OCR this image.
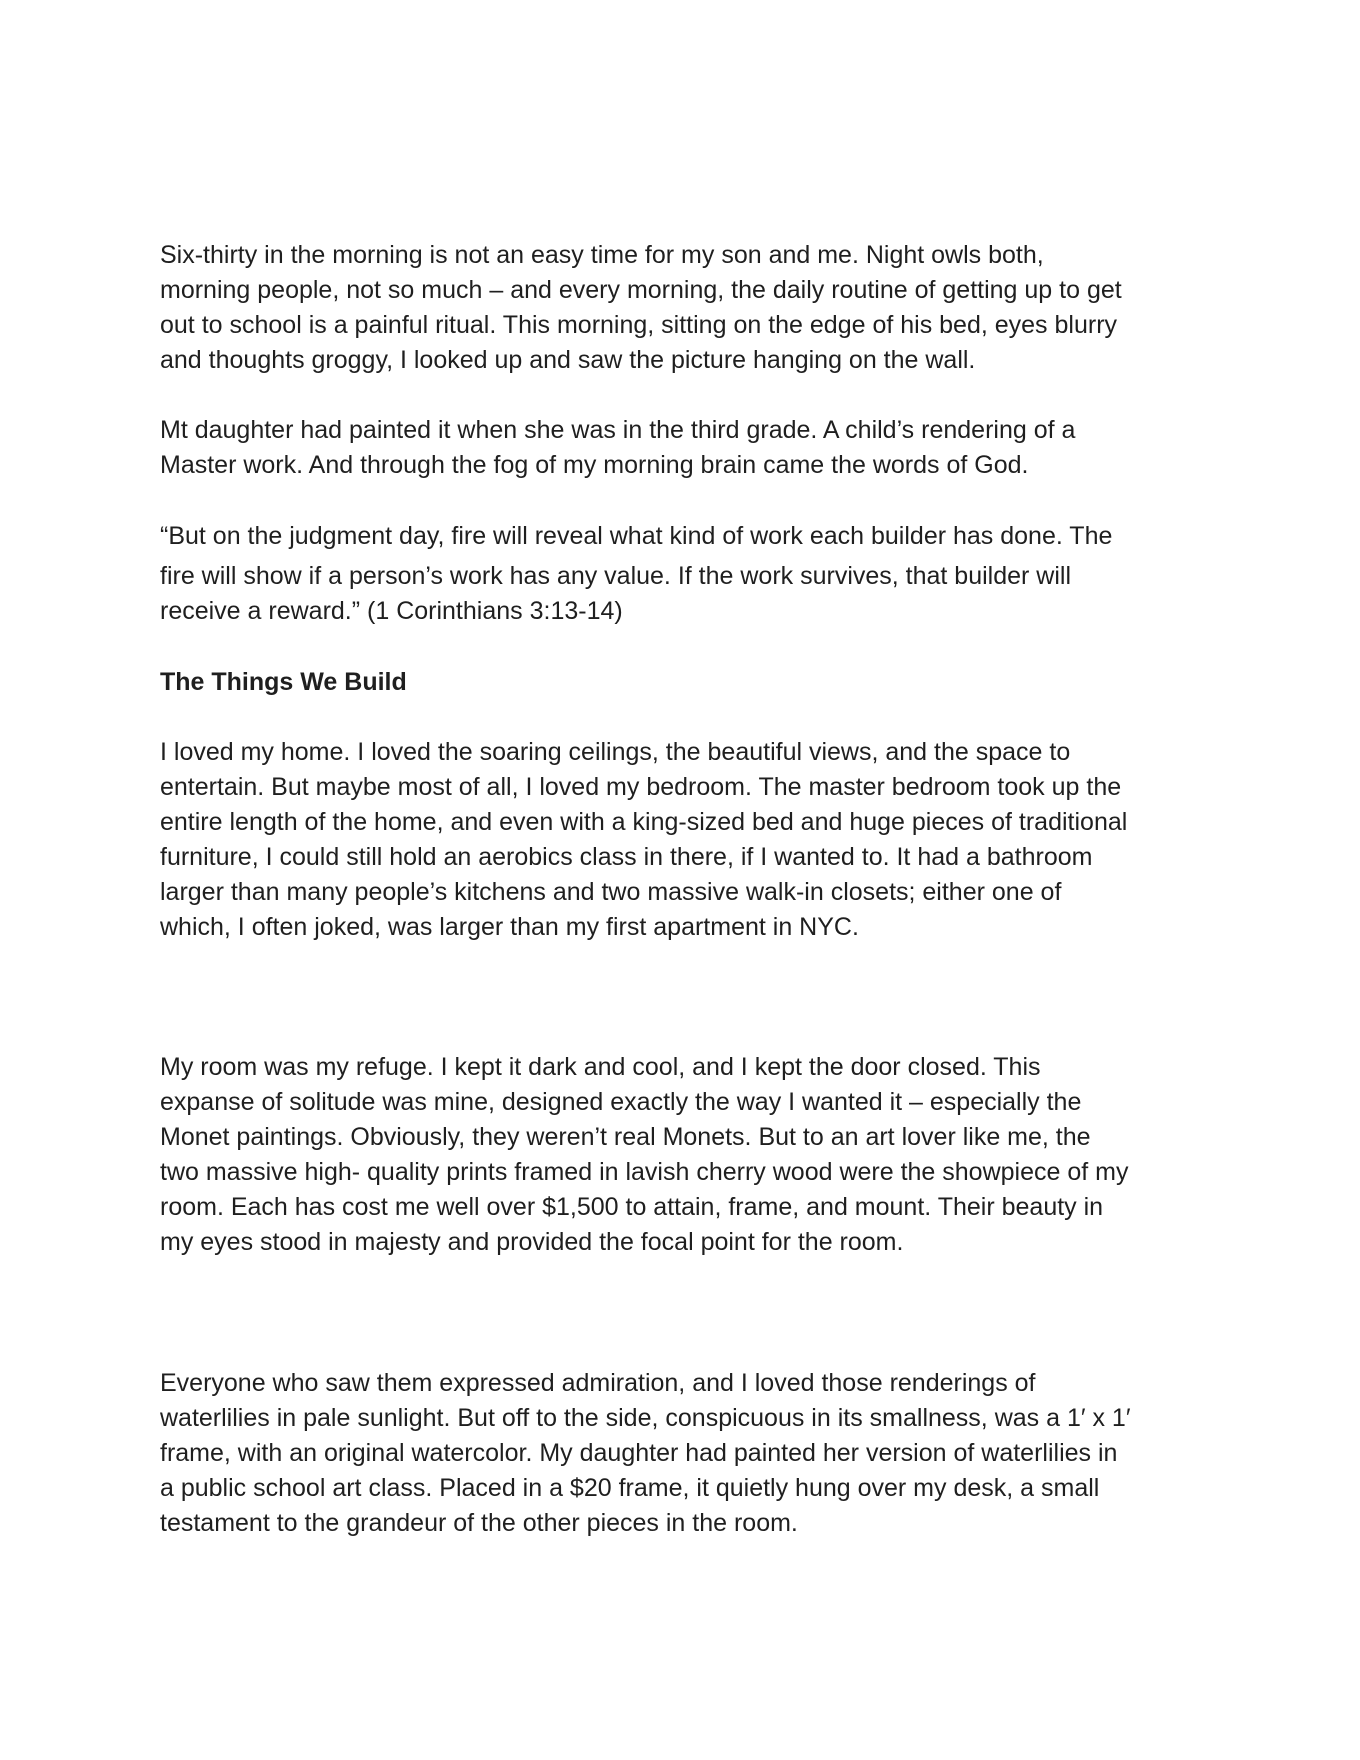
Six-thirty in the morning is not an easy time for my son and me. Night owls both,
morning people, not so much – and every morning, the daily routine of getting up to get
out to school is a painful ritual. This morning, sitting on the edge of his bed, eyes blurry
and thoughts groggy, I looked up and saw the picture hanging on the wall.

Mt daughter had painted it when she was in the third grade. A child’s rendering of a
Master work. And through the fog of my morning brain came the words of God.

“But on the judgment day, fire will reveal what kind of work each builder has done. The
fire will show if a person’s work has any value. If the work survives, that builder will
receive a reward.” (1 Corinthians 3:13-14)

The Things We Build

I loved my home. I loved the soaring ceilings, the beautiful views, and the space to
entertain. But maybe most of all, I loved my bedroom. The master bedroom took up the
entire length of the home, and even with a king-sized bed and huge pieces of traditional
furniture, I could still hold an aerobics class in there, if I wanted to. It had a bathroom
larger than many people’s kitchens and two massive walk-in closets; either one of
which, I often joked, was larger than my first apartment in NYC.

My room was my refuge. I kept it dark and cool, and I kept the door closed. This
expanse of solitude was mine, designed exactly the way I wanted it – especially the
Monet paintings. Obviously, they weren’t real Monets. But to an art lover like me, the
two massive high- quality prints framed in lavish cherry wood were the showpiece of my
room. Each has cost me well over $1,500 to attain, frame, and mount. Their beauty in
my eyes stood in majesty and provided the focal point for the room.

Everyone who saw them expressed admiration, and I loved those renderings of
waterlilies in pale sunlight. But off to the side, conspicuous in its smallness, was a 1′ x 1′
frame, with an original watercolor. My daughter had painted her version of waterlilies in
a public school art class. Placed in a $20 frame, it quietly hung over my desk, a small
testament to the grandeur of the other pieces in the room.
